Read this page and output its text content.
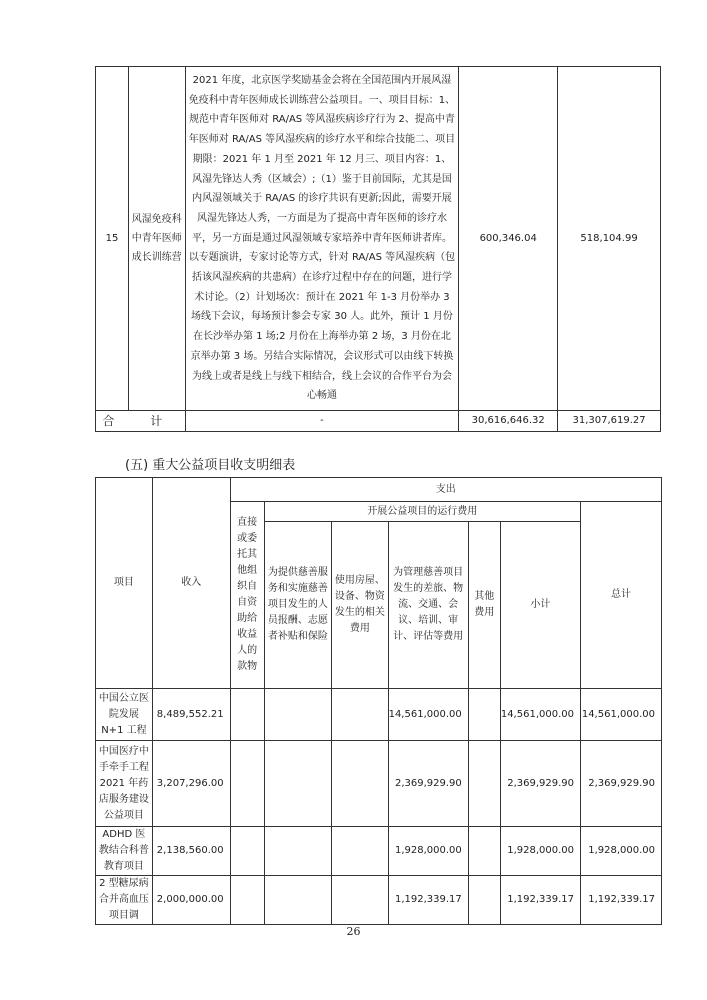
15	风湿免疫科中青年医师成长训练营	2021 年度，北京医学奖励基金会将在全国范围内开展风湿免疫科中青年医师成长训练营公益项目。一、项目目标：1、规范中青年医师对 RA/AS 等风湿疾病诊疗行为 2、提高中青年医师对 RA/AS 等风湿疾病的诊疗水平和综合技能二、项目期限：2021 年 1 月至 2021 年 12 月三、项目内容：1、风湿先锋达人秀（区域会）;（1）鉴于目前国际，尤其是国内风湿领域关于 RA/AS 的诊疗共识有更新;因此，需要开展风湿先锋达人秀，一方面是为了提高中青年医师的诊疗水平，另一方面是通过风湿领域专家培养中青年医师讲者库。以专题演讲，专家讨论等方式，针对 RA/AS 等风湿疾病（包括该风湿疾病的共患病）在诊疗过程中存在的问题，进行学术讨论。（2）计划场次：预计在 2021 年 1-3 月份举办 3 场线下会议，每场预计参会专家 30 人。此外，预计 1 月份在长沙举办第 1 场;2 月份在上海举办第 2 场，3 月份在北京举办第 3 场。另结合实际情况，会议形式可以由线下转换为线上或者是线上与线下相结合，线上会议的合作平台为会心畅通	600,346.04	518,104.99
合 计		-	30,616,646.32	31,307,619.27
(五) 重大公益项目收支明细表
项目	收入	支出						
		直接或委托其他组织自自资助给收益人的款物	开展公益项目的运行费用					总计
			为提供慈善服务和实施慈善项目发生的人员报酬、志愿者补贴和保险	使用房屋、设备、物资发生的相关费用	为管理慈善项目发生的差旅、物流、交通、会议、培训、审计、评估等费用	其他费用	小计	
中国公立医院发展 N+1 工程	8,489,552.21				14,561,000.00		14,561,000.00	14,561,000.00
中国医疗中手牵手工程 2021 年药店服务建设公益项目	3,207,296.00				2,369,929.90		2,369,929.90	2,369,929.90
ADHD 医教结合科普教育项目	2,138,560.00				1,928,000.00		1,928,000.00	1,928,000.00
2 型糖尿病合并高血压项目调	2,000,000.00				1,192,339.17		1,192,339.17	1,192,339.17
26
